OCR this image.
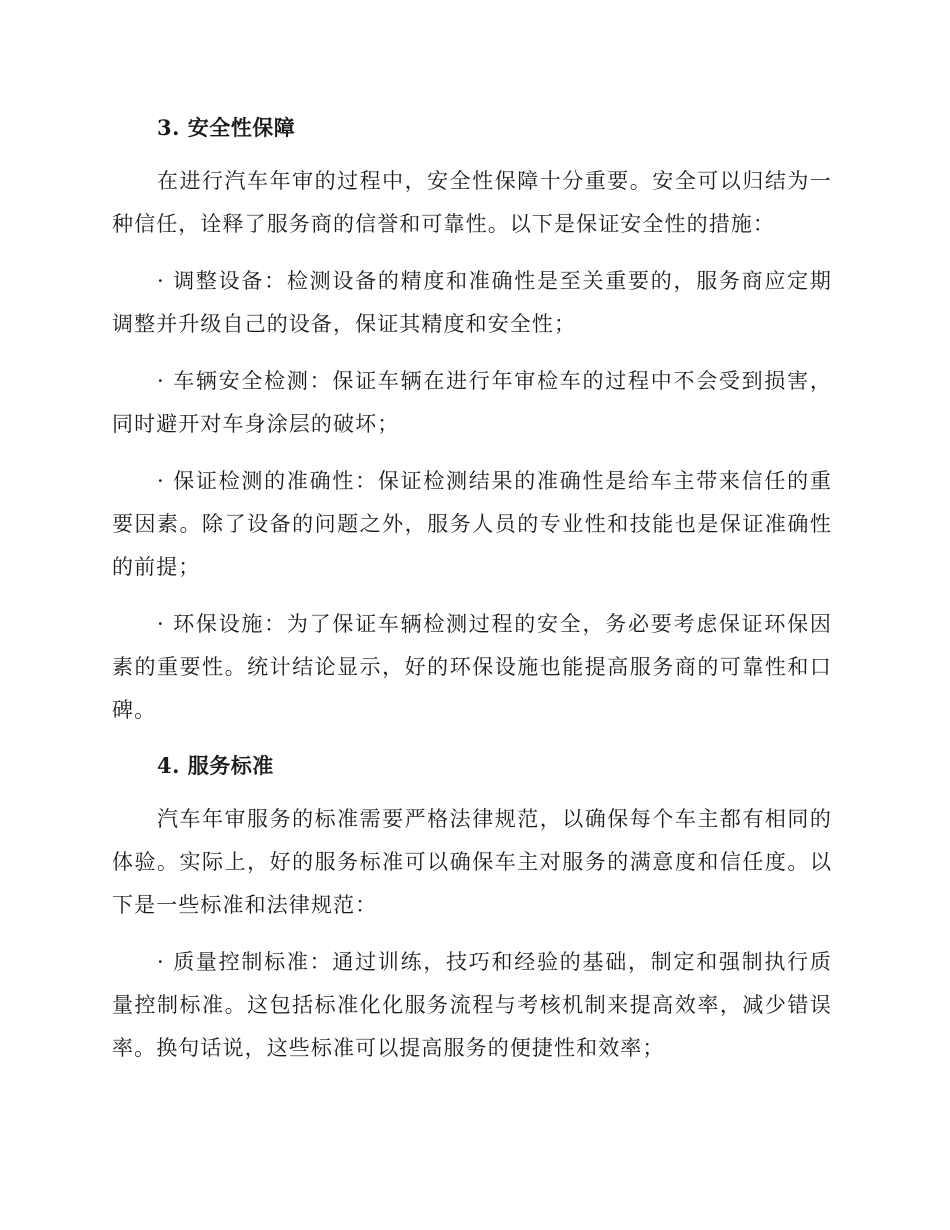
3. 安全性保障

在进行汽车年审的过程中，安全性保障十分重要。安全可以归结为一种信任，诠释了服务商的信誉和可靠性。以下是保证安全性的措施：

· 调整设备：检测设备的精度和准确性是至关重要的，服务商应定期调整并升级自己的设备，保证其精度和安全性；

· 车辆安全检测：保证车辆在进行年审检车的过程中不会受到损害，同时避开对车身涂层的破坏；

· 保证检测的准确性：保证检测结果的准确性是给车主带来信任的重要因素。除了设备的问题之外，服务人员的专业性和技能也是保证准确性的前提；

· 环保设施：为了保证车辆检测过程的安全，务必要考虑保证环保因素的重要性。统计结论显示，好的环保设施也能提高服务商的可靠性和口碑。

4. 服务标准

汽车年审服务的标准需要严格法律规范，以确保每个车主都有相同的体验。实际上，好的服务标准可以确保车主对服务的满意度和信任度。以下是一些标准和法律规范：

· 质量控制标准：通过训练，技巧和经验的基础，制定和强制执行质量控制标准。这包括标准化化服务流程与考核机制来提高效率，减少错误率。换句话说，这些标准可以提高服务的便捷性和效率；
